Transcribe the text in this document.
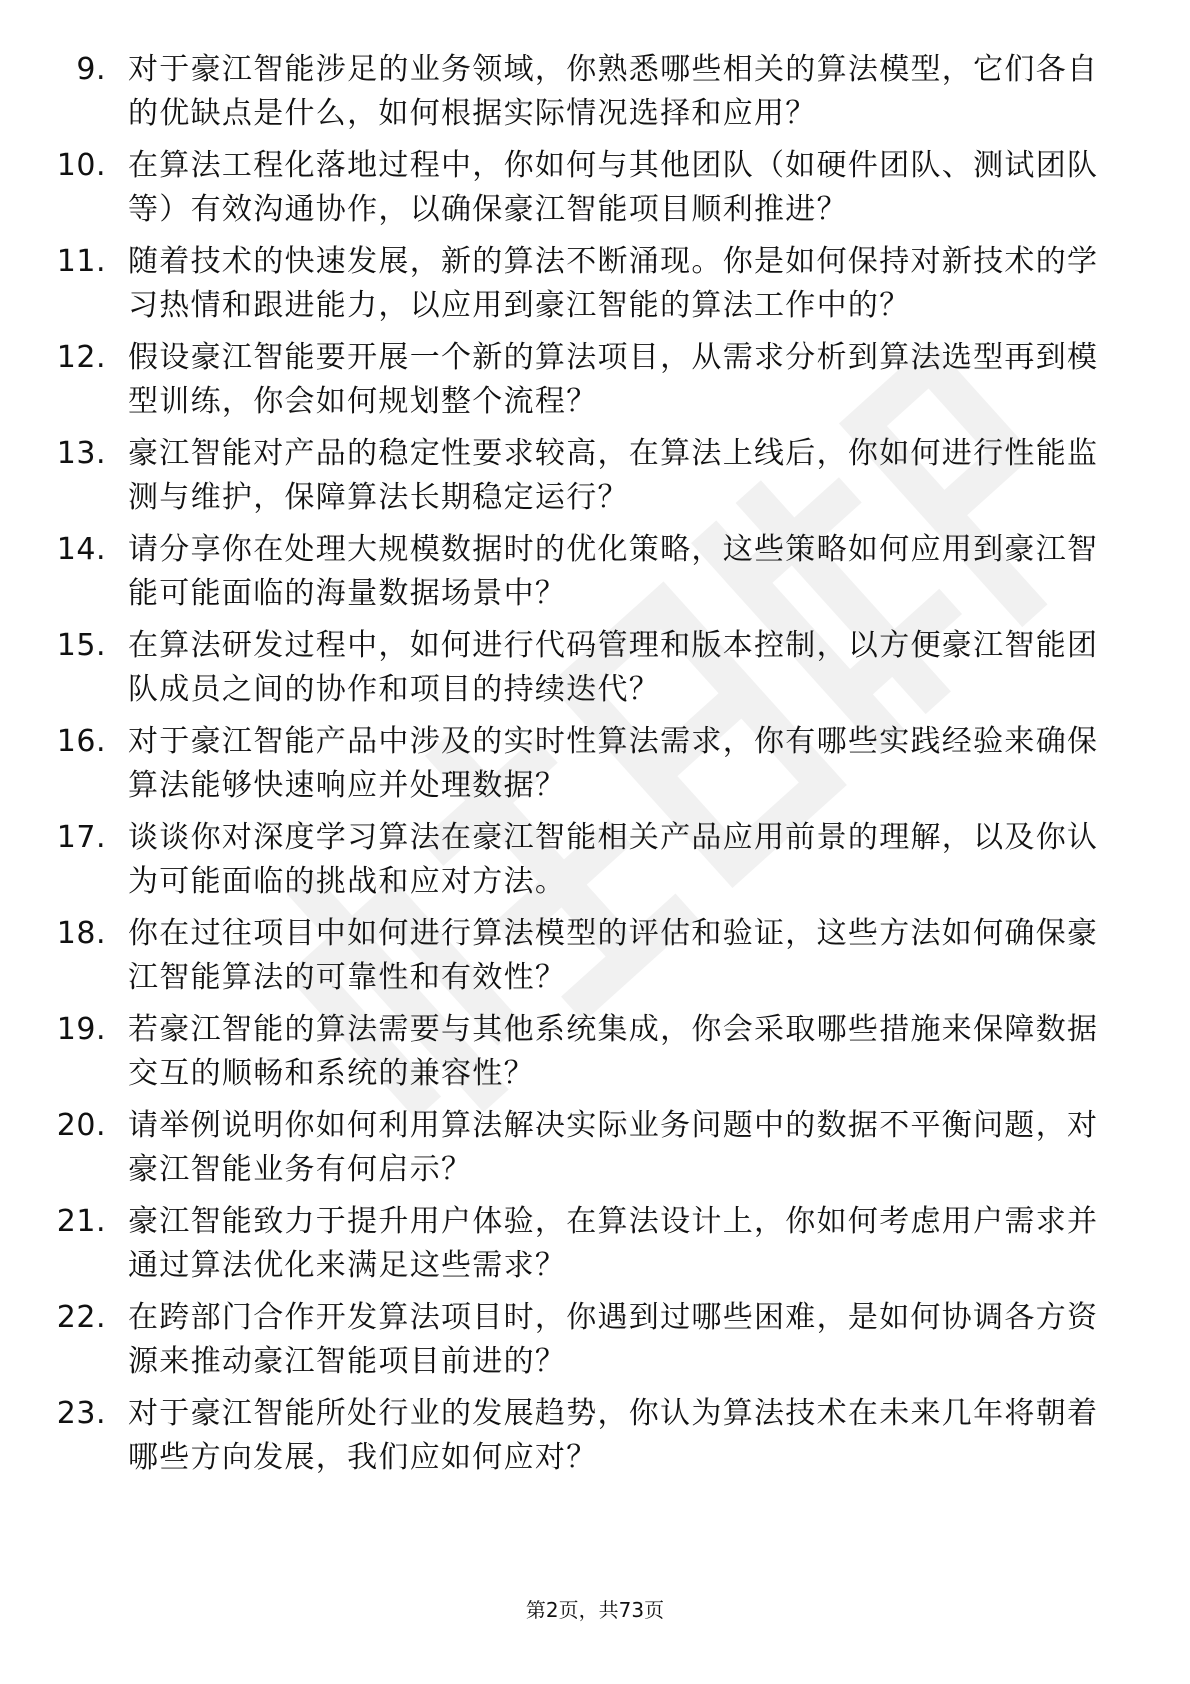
9. 对于豪江智能涉足的业务领域，你熟悉哪些相关的算法模型，它们各自的优缺点是什么，如何根据实际情况选择和应用？
10. 在算法工程化落地过程中，你如何与其他团队（如硬件团队、测试团队等）有效沟通协作，以确保豪江智能项目顺利推进？
11. 随着技术的快速发展，新的算法不断涌现。你是如何保持对新技术的学习热情和跟进能力，以应用到豪江智能的算法工作中的？
12. 假设豪江智能要开展一个新的算法项目，从需求分析到算法选型再到模型训练，你会如何规划整个流程？
13. 豪江智能对产品的稳定性要求较高，在算法上线后，你如何进行性能监测与维护，保障算法长期稳定运行？
14. 请分享你在处理大规模数据时的优化策略，这些策略如何应用到豪江智能可能面临的海量数据场景中？
15. 在算法研发过程中，如何进行代码管理和版本控制，以方便豪江智能团队成员之间的协作和项目的持续迭代？
16. 对于豪江智能产品中涉及的实时性算法需求，你有哪些实践经验来确保算法能够快速响应并处理数据？
17. 谈谈你对深度学习算法在豪江智能相关产品应用前景的理解，以及你认为可能面临的挑战和应对方法。
18. 你在过往项目中如何进行算法模型的评估和验证，这些方法如何确保豪江智能算法的可靠性和有效性？
19. 若豪江智能的算法需要与其他系统集成，你会采取哪些措施来保障数据交互的顺畅和系统的兼容性？
20. 请举例说明你如何利用算法解决实际业务问题中的数据不平衡问题，对豪江智能业务有何启示？
21. 豪江智能致力于提升用户体验，在算法设计上，你如何考虑用户需求并通过算法优化来满足这些需求？
22. 在跨部门合作开发算法项目时，你遇到过哪些困难，是如何协调各方资源来推动豪江智能项目前进的？
23. 对于豪江智能所处行业的发展趋势，你认为算法技术在未来几年将朝着哪些方向发展，我们应如何应对？
第2页，共73页
